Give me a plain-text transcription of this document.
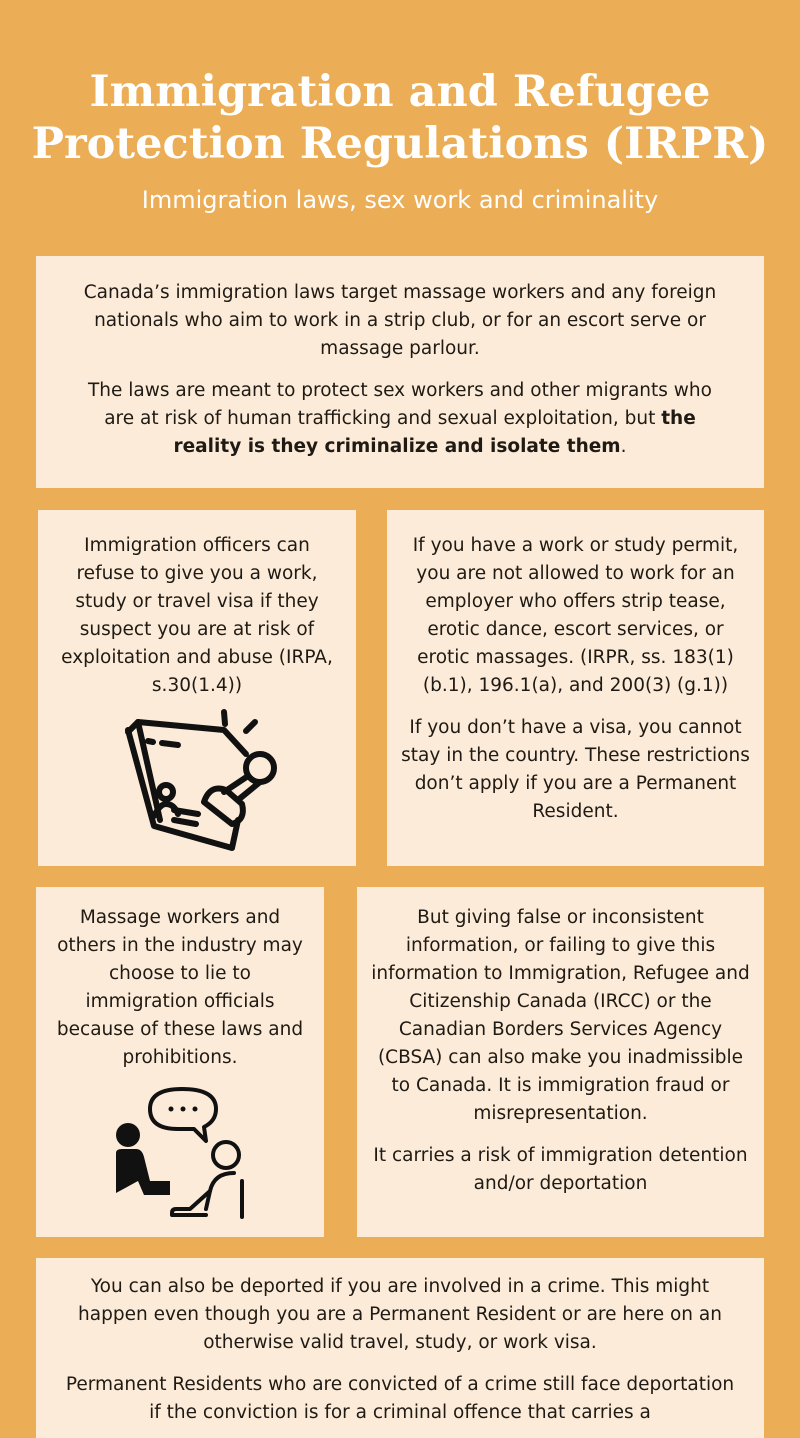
Immigration and Refugee
Protection Regulations (IRPR)

Immigration laws, sex work and criminality

Canada’s immigration laws target massage workers and any foreign nationals who aim to work in a strip club, or for an escort serve or massage parlour.

The laws are meant to protect sex workers and other migrants who are at risk of human trafficking and sexual exploitation, but the reality is they criminalize and isolate them.

Immigration officers can refuse to give you a work, study or travel visa if they suspect you are at risk of exploitation and abuse (IRPA, s.30(1.4))

If you have a work or study permit, you are not allowed to work for an employer who offers strip tease, erotic dance, escort services, or erotic massages. (IRPR, ss. 183(1) (b.1), 196.1(a), and 200(3) (g.1))

If you don’t have a visa, you cannot stay in the country. These restrictions don’t apply if you are a Permanent Resident.

Massage workers and others in the industry may choose to lie to immigration officials because of these laws and prohibitions.

But giving false or inconsistent information, or failing to give this information to Immigration, Refugee and Citizenship Canada (IRCC) or the Canadian Borders Services Agency (CBSA) can also make you inadmissible to Canada. It is immigration fraud or misrepresentation.

It carries a risk of immigration detention and/or deportation

You can also be deported if you are involved in a crime. This might happen even though you are a Permanent Resident or are here on an otherwise valid travel, study, or work visa.

Permanent Residents who are convicted of a crime still face deportation if the conviction is for a criminal offence that carries a
